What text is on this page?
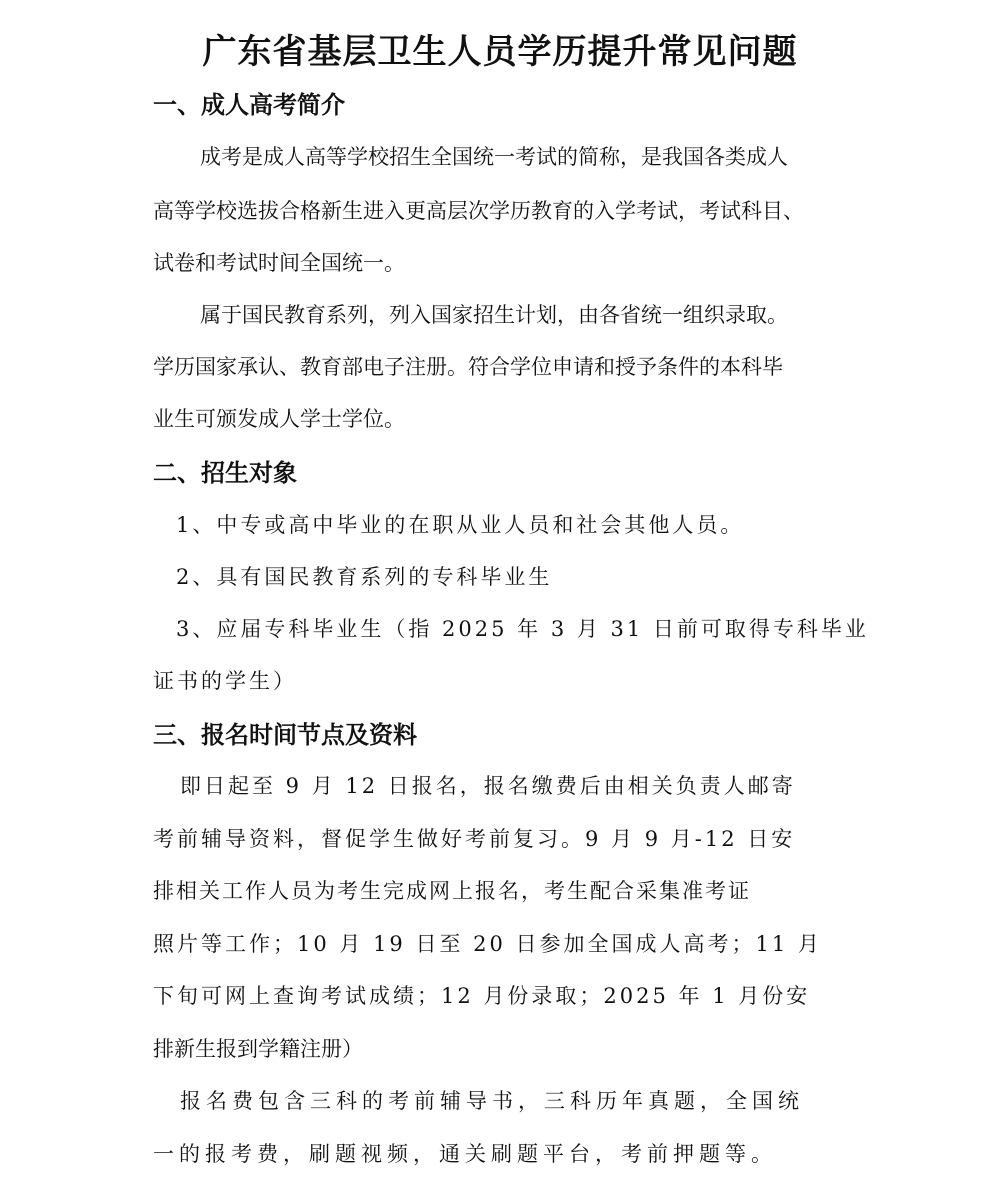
广东省基层卫生人员学历提升常见问题
一、成人高考简介

成考是成人高等学校招生全国统一考试的简称，是我国各类成人

高等学校选拔合格新生进入更高层次学历教育的入学考试，考试科目、

试卷和考试时间全国统一。

属于国民教育系列，列入国家招生计划，由各省统一组织录取。

学历国家承认、教育部电子注册。符合学位申请和授予条件的本科毕

业生可颁发成人学士学位。

二、招生对象

1、中专或高中毕业的在职从业人员和社会其他人员。

2、具有国民教育系列的专科毕业生

3、应届专科毕业生（指 2025 年 3 月 31 日前可取得专科毕业

证书的学生）

三、报名时间节点及资料

即日起至 9 月 12 日报名，报名缴费后由相关负责人邮寄

考前辅导资料，督促学生做好考前复习。9 月 9 月-12 日安

排相关工作人员为考生完成网上报名，考生配合采集准考证

照片等工作；10 月 19 日至 20 日参加全国成人高考；11 月

下旬可网上查询考试成绩；12 月份录取；2025 年 1 月份安

排新生报到学籍注册）

报名费包含三科的考前辅导书，三科历年真题，全国统

一的报考费，刷题视频，通关刷题平台，考前押题等。
